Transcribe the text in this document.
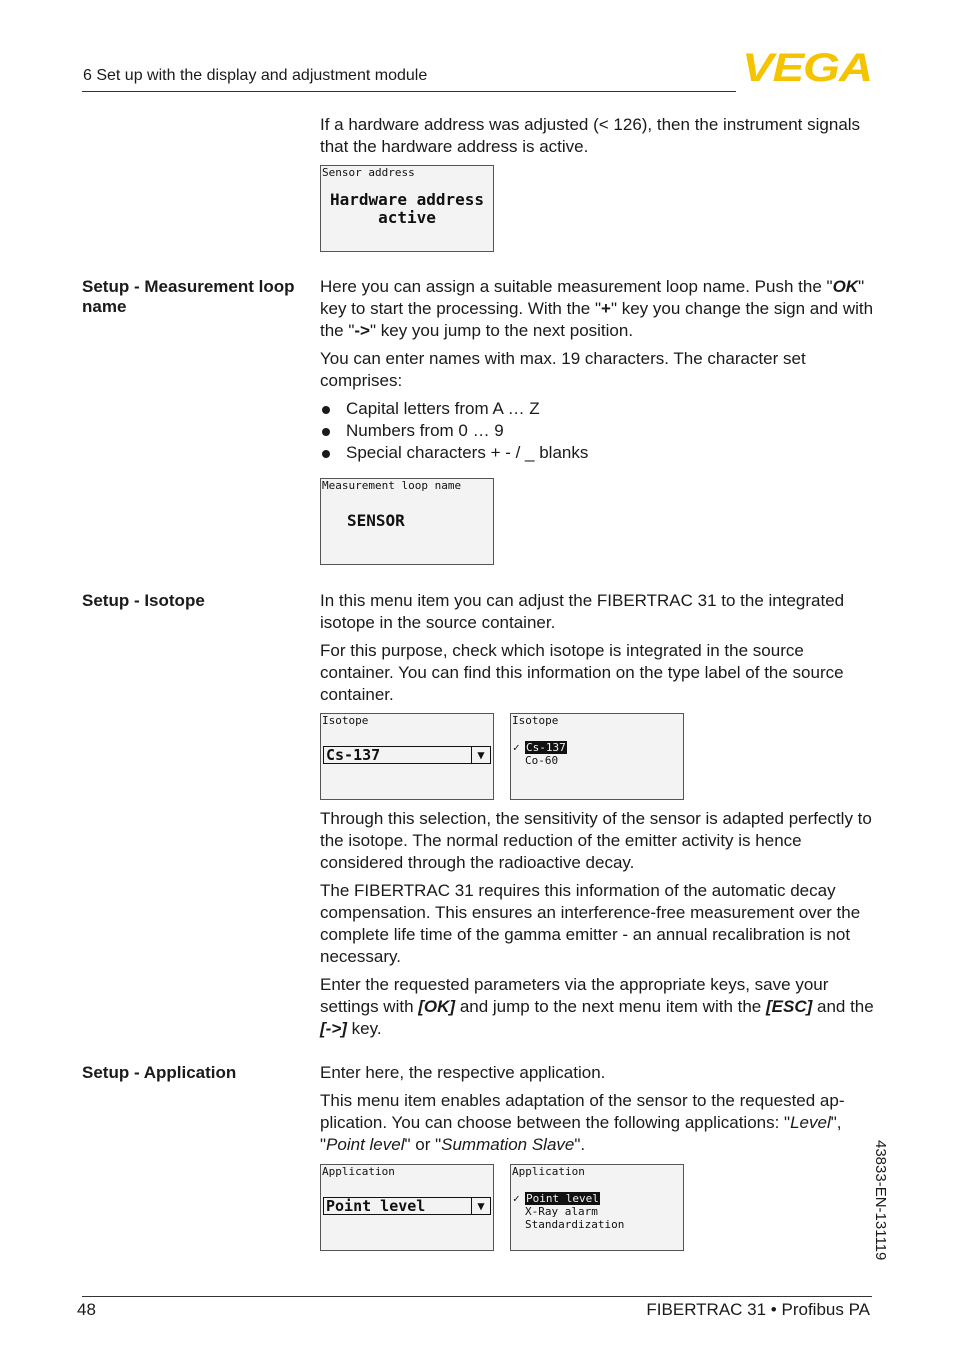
6 Set up with the display and adjustment module	VEGA

If a hardware address was adjusted (< 126), then the instrument signals that the hardware address is active.

Sensor address
Hardware address
active
Setup - Measurement loop name

Here you can assign a suitable measurement loop name. Push the "OK" key to start the processing. With the "+" key you change the sign and with the "->" key you jump to the next position.

You can enter names with max. 19 characters. The character set comprises:

Capital letters from A … Z
Numbers from 0 … 9
Special characters + - / _ blanks
Measurement loop name
SENSOR
Setup - Isotope	In this menu item you can adjust the FIBERTRAC 31 to the integrated isotope in the source container.

For this purpose, check which isotope is integrated in the source container. You can find this information on the type label of the source container.

Isotope
Cs-137	▼
Isotope
✓ Cs-137
Co-60

Through this selection, the sensitivity of the sensor is adapted perfectly to the isotope. The normal reduction of the emitter activity is hence considered through the radioactive decay.

The FIBERTRAC 31 requires this information of the automatic decay compensation. This ensures an interference-free measurement over the complete life time of the gamma emitter - an annual recalibration is not necessary.

Enter the requested parameters via the appropriate keys, save your settings with [OK] and jump to the next menu item with the [ESC] and the [->] key.

Setup - Application	Enter here, the respective application.

This menu item enables adaptation of the sensor to the requested ap-plication. You can choose between the following applications: "Level", "Point level" or "Summation Slave".

Application
Point level	▼
Application
✓ Point level
X-Ray alarm
Standardization	43833-EN-131119
48	FIBERTRAC 31 • Profibus PA
